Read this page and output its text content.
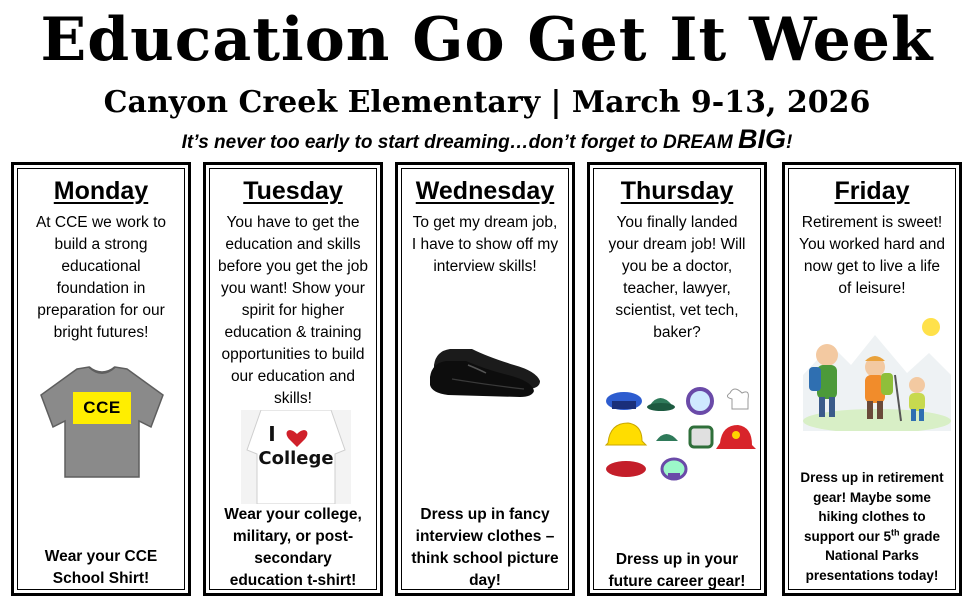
Education Go Get It Week
Canyon Creek Elementary | March 9-13, 2026
It’s never too early to start dreaming…don’t forget to DREAM BIG!
Monday
At CCE we work to build a strong educational foundation in preparation for our bright futures!
CCE
Wear your CCE School Shirt!
Tuesday
You have to get the education and skills before you get the job you want! Show your spirit for higher education & training opportunities to build our education and skills!
I
College
Wear your college, military, or post-secondary education t-shirt!
Wednesday
To get my dream job, I have to show off my interview skills!
Dress up in fancy interview clothes – think school picture day!
Thursday
You finally landed your dream job! Will you be a doctor, teacher, lawyer, scientist, vet tech, baker?
Dress up in your future career gear!
Friday
Retirement is sweet! You worked hard and now get to live a life of leisure!
Dress up in retirement gear! Maybe some hiking clothes to support our 5th grade National Parks presentations today!
